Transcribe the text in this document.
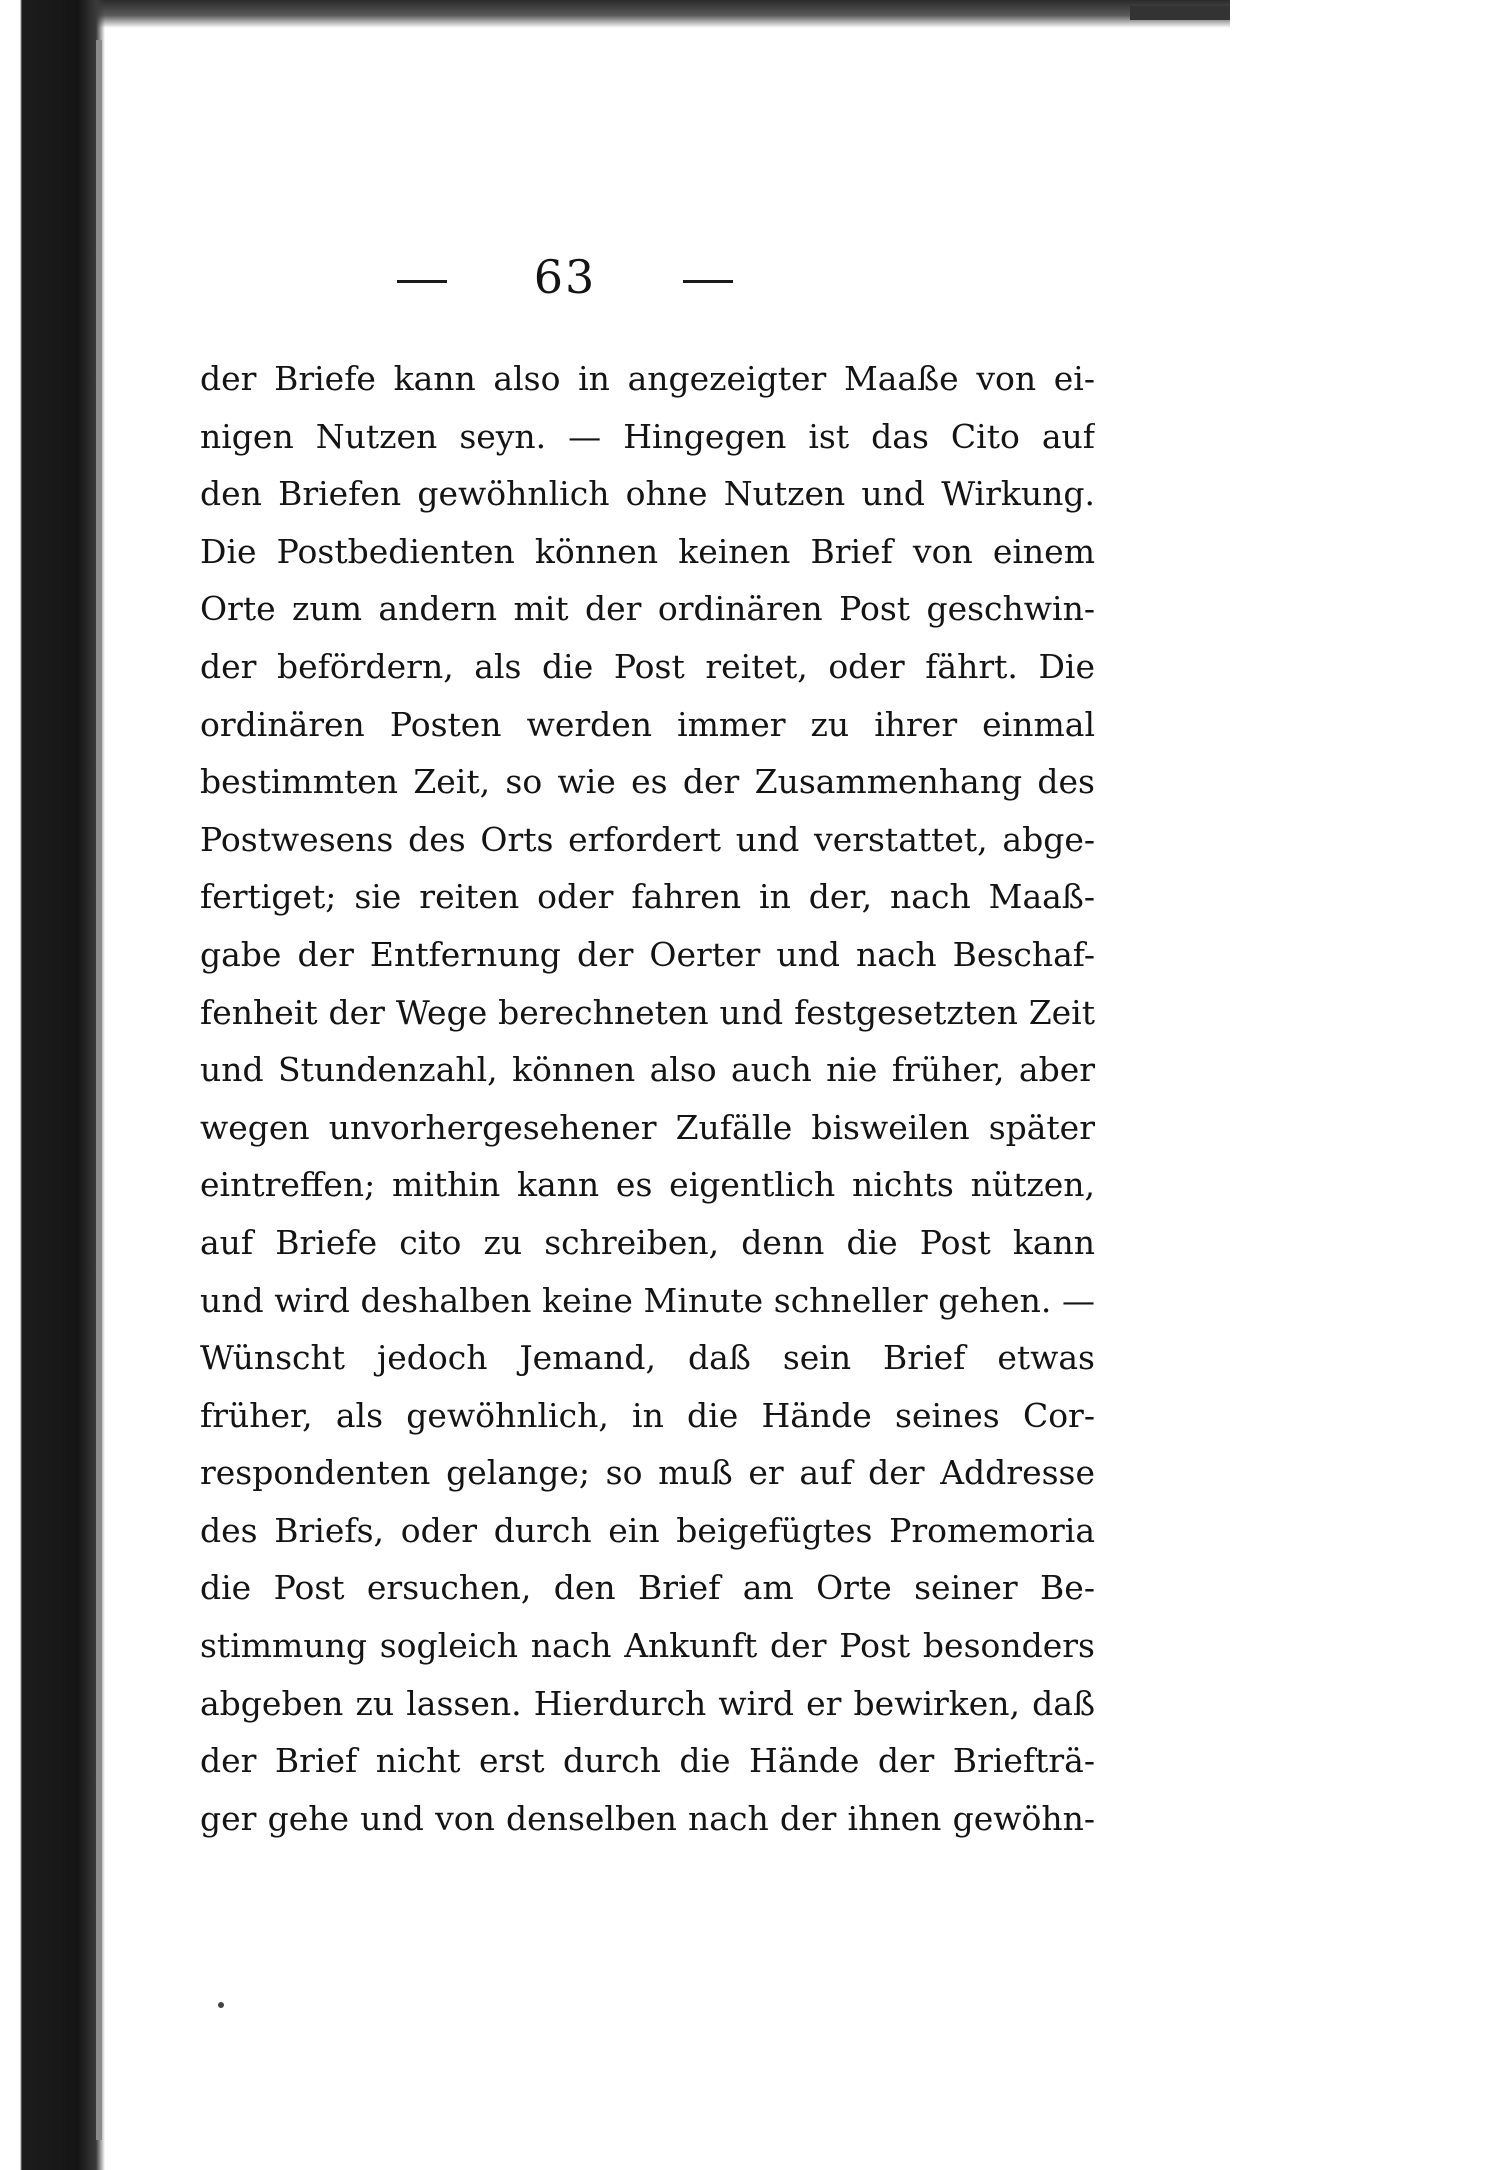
63
der Briefe kann also in angezeigter Maaße von ei-
nigen Nutzen seyn. — Hingegen ist das Cito auf
den Briefen gewöhnlich ohne Nutzen und Wirkung.
Die Postbedienten können keinen Brief von einem
Orte zum andern mit der ordinären Post geschwin-
der befördern, als die Post reitet, oder fährt. Die
ordinären Posten werden immer zu ihrer einmal
bestimmten Zeit, so wie es der Zusammenhang des
Postwesens des Orts erfordert und verstattet, abge-
fertiget; sie reiten oder fahren in der, nach Maaß-
gabe der Entfernung der Oerter und nach Beschaf-
fenheit der Wege berechneten und festgesetzten Zeit
und Stundenzahl, können also auch nie früher, aber
wegen unvorhergesehener Zufälle bisweilen später
eintreffen; mithin kann es eigentlich nichts nützen,
auf Briefe cito zu schreiben, denn die Post kann
und wird deshalben keine Minute schneller gehen. —
Wünscht jedoch Jemand, daß sein Brief etwas
früher, als gewöhnlich, in die Hände seines Cor-
respondenten gelange; so muß er auf der Addresse
des Briefs, oder durch ein beigefügtes Promemoria
die Post ersuchen, den Brief am Orte seiner Be-
stimmung sogleich nach Ankunft der Post besonders
abgeben zu lassen. Hierdurch wird er bewirken, daß
der Brief nicht erst durch die Hände der Briefträ-
ger gehe und von denselben nach der ihnen gewöhn-
